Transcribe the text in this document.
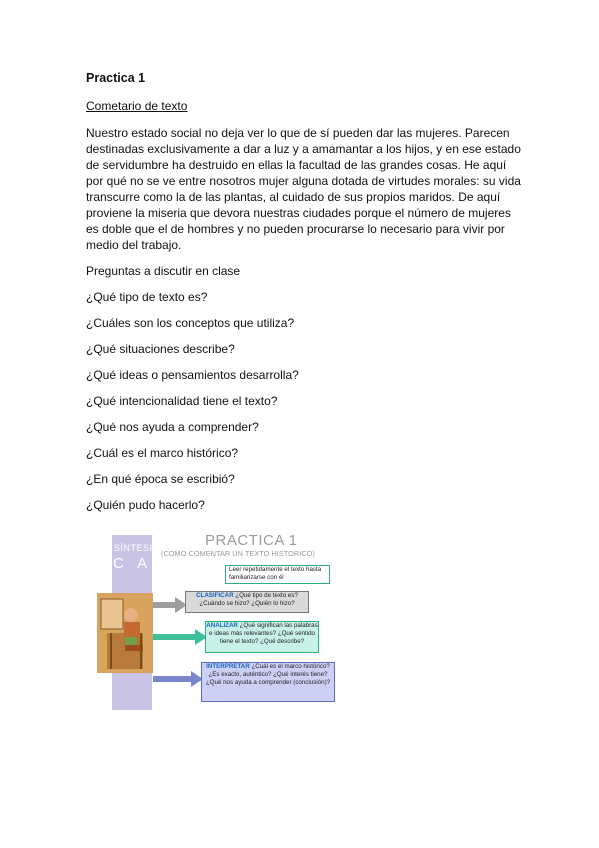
Practica 1
Cometario de texto
Nuestro estado social no deja ver lo que de sí pueden dar las mujeres. Parecen destinadas exclusivamente a dar a luz y a amamantar a los hijos, y en ese estado de servidumbre ha destruido en ellas la facultad de las grandes cosas. He aquí por qué no se ve entre nosotros mujer alguna dotada de virtudes morales: su vida transcurre como la de las plantas, al cuidado de sus propios maridos. De aquí proviene la miseria que devora nuestras ciudades porque el número de mujeres es doble que el de hombres y no pueden procurarse lo necesario para vivir por medio del trabajo.
Preguntas a discutir en clase
¿Qué tipo de texto es?
¿Cuáles son los conceptos que utiliza?
¿Qué situaciones describe?
¿Qué ideas o pensamientos desarrolla?
¿Qué intencionalidad tiene el texto?
¿Qué nos ayuda a comprender?
¿Cuál es el marco histórico?
¿En qué época se escribió?
¿Quién pudo hacerlo?
SÍNTESIS
C A I
PRACTICA 1
(COMO COMENTAR UN TEXTO HISTORICO)
Leer repetidamente el texto hasta familiarizarse con él
CLASIFICAR ¿Qué tipo de texto es? ¿Cuándo se hizo? ¿Quién lo hizo?
ANALIZAR ¿Qué significan las palabras e ideas más relevantes? ¿Qué sentido tiene el texto? ¿Qué describe?
INTERPRETAR ¿Cuál es el marco histórico? ¿Es exacto, auténtico? ¿Qué interés tiene? ¿Qué nos ayuda a comprender (conclusión)?
